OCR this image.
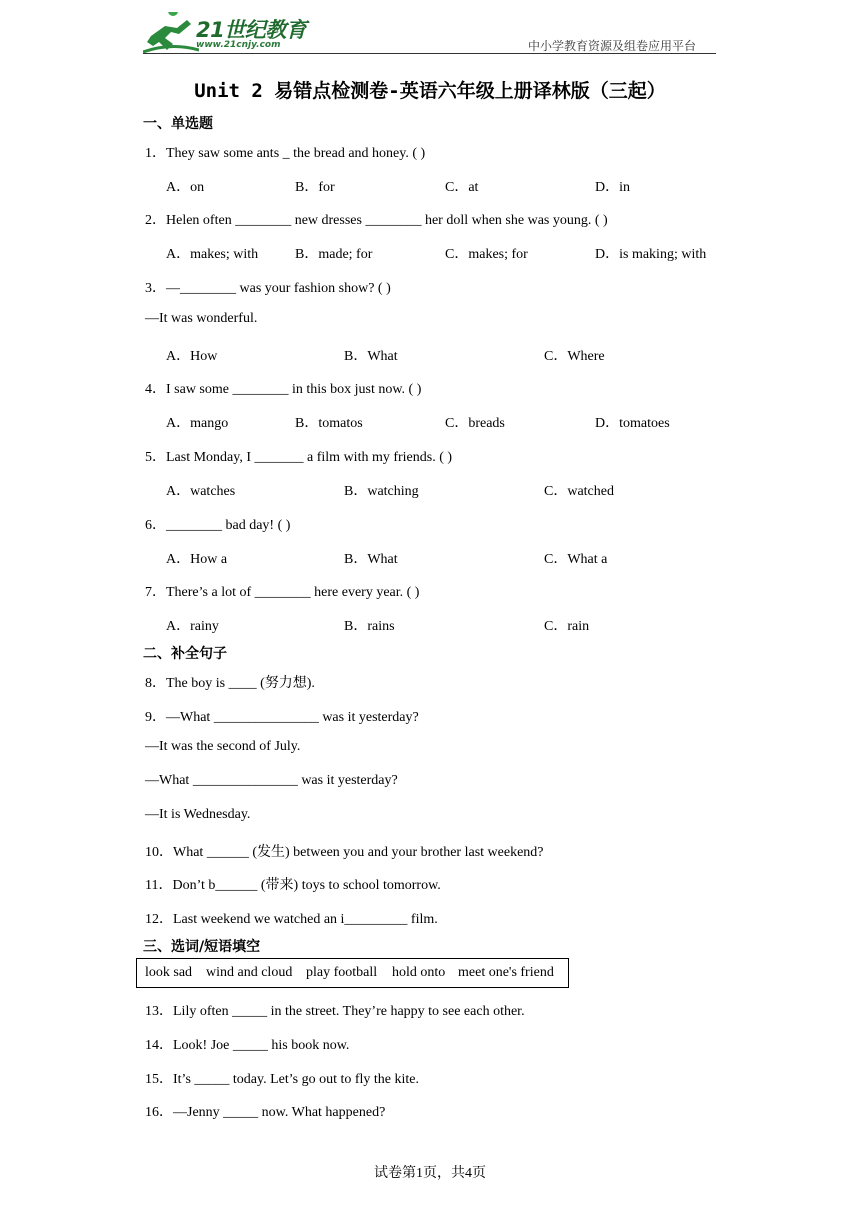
21世纪教育
www.21cnjy.com	中小学教育资源及组卷应用平台
Unit 2 易错点检测卷-英语六年级上册译林版（三起）
一、单选题
1．They saw some ants _ the bread and honey. ( )
A．on	B．for	C．at	D．in
2．Helen often ________ new dresses ________ her doll when she was young. ( )
A．makes; with	B．made; for	C．makes; for	D．is making; with
3．—________ was your fashion show? ( )
—It was wonderful.
A．How	B．What	C．Where
4．I saw some ________ in this box just now. ( )
A．mango	B．tomatos	C．breads	D．tomatoes
5．Last Monday, I _______ a film with my friends. ( )
A．watches	B．watching	C．watched
6．________ bad day! ( )
A．How a	B．What	C．What a
7．There’s a lot of ________ here every year. ( )
A．rainy	B．rains	C．rain
二、补全句子
8．The boy is ____ (努力想).
9．—What _______________ was it yesterday?
—It was the second of July.
—What _______________ was it yesterday?
—It is Wednesday.
10．What ______ (发生) between you and your brother last weekend?
11．Don’t b______ (带来) toys to school tomorrow.
12．Last weekend we watched an i_________ film.
三、选词/短语填空
look sad wind and cloud play football hold onto meet one's friend
13．Lily often _____ in the street. They’re happy to see each other.
14．Look! Joe _____ his book now.
15．It’s _____ today. Let’s go out to fly the kite.
16．—Jenny _____ now. What happened?
试卷第1页，共4页
